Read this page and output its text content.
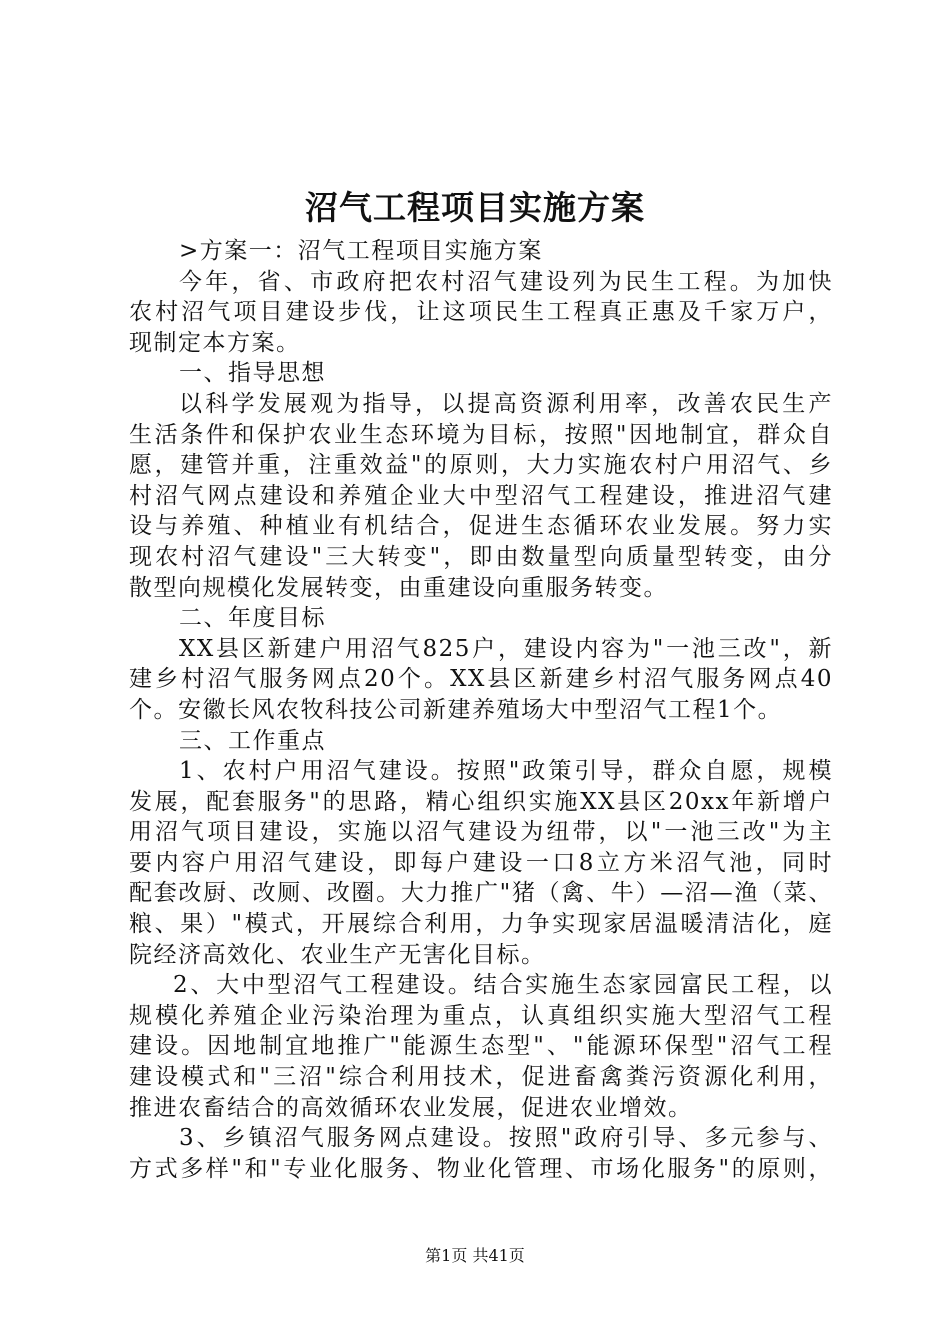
沼气工程项目实施方案
>方案一：沼气工程项目实施方案
今年，省、市政府把农村沼气建设列为民生工程。为加快
农村沼气项目建设步伐，让这项民生工程真正惠及千家万户，
现制定本方案。
一、指导思想
以科学发展观为指导，以提高资源利用率，改善农民生产
生活条件和保护农业生态环境为目标，按照"因地制宜，群众自
愿，建管并重，注重效益"的原则，大力实施农村户用沼气、乡
村沼气网点建设和养殖企业大中型沼气工程建设，推进沼气建
设与养殖、种植业有机结合，促进生态循环农业发展。努力实
现农村沼气建设"三大转变"，即由数量型向质量型转变，由分
散型向规模化发展转变，由重建设向重服务转变。
二、年度目标
XX县区新建户用沼气825户，建设内容为"一池三改"，新
建乡村沼气服务网点20个。XX县区新建乡村沼气服务网点40
个。安徽长风农牧科技公司新建养殖场大中型沼气工程1个。
三、工作重点
1、农村户用沼气建设。按照"政策引导，群众自愿，规模
发展，配套服务"的思路，精心组织实施XX县区20xx年新增户
用沼气项目建设，实施以沼气建设为纽带，以"一池三改"为主
要内容户用沼气建设，即每户建设一口8立方米沼气池，同时
配套改厨、改厕、改圈。大力推广"猪（禽、牛）—沼—渔（菜、
粮、果）"模式，开展综合利用，力争实现家居温暖清洁化，庭
院经济高效化、农业生产无害化目标。
2、大中型沼气工程建设。结合实施生态家园富民工程，以
规模化养殖企业污染治理为重点，认真组织实施大型沼气工程
建设。因地制宜地推广"能源生态型"、"能源环保型"沼气工程
建设模式和"三沼"综合利用技术，促进畜禽粪污资源化利用，
推进农畜结合的高效循环农业发展，促进农业增效。
3、乡镇沼气服务网点建设。按照"政府引导、多元参与、
方式多样"和"专业化服务、物业化管理、市场化服务"的原则，
第1页 共41页
